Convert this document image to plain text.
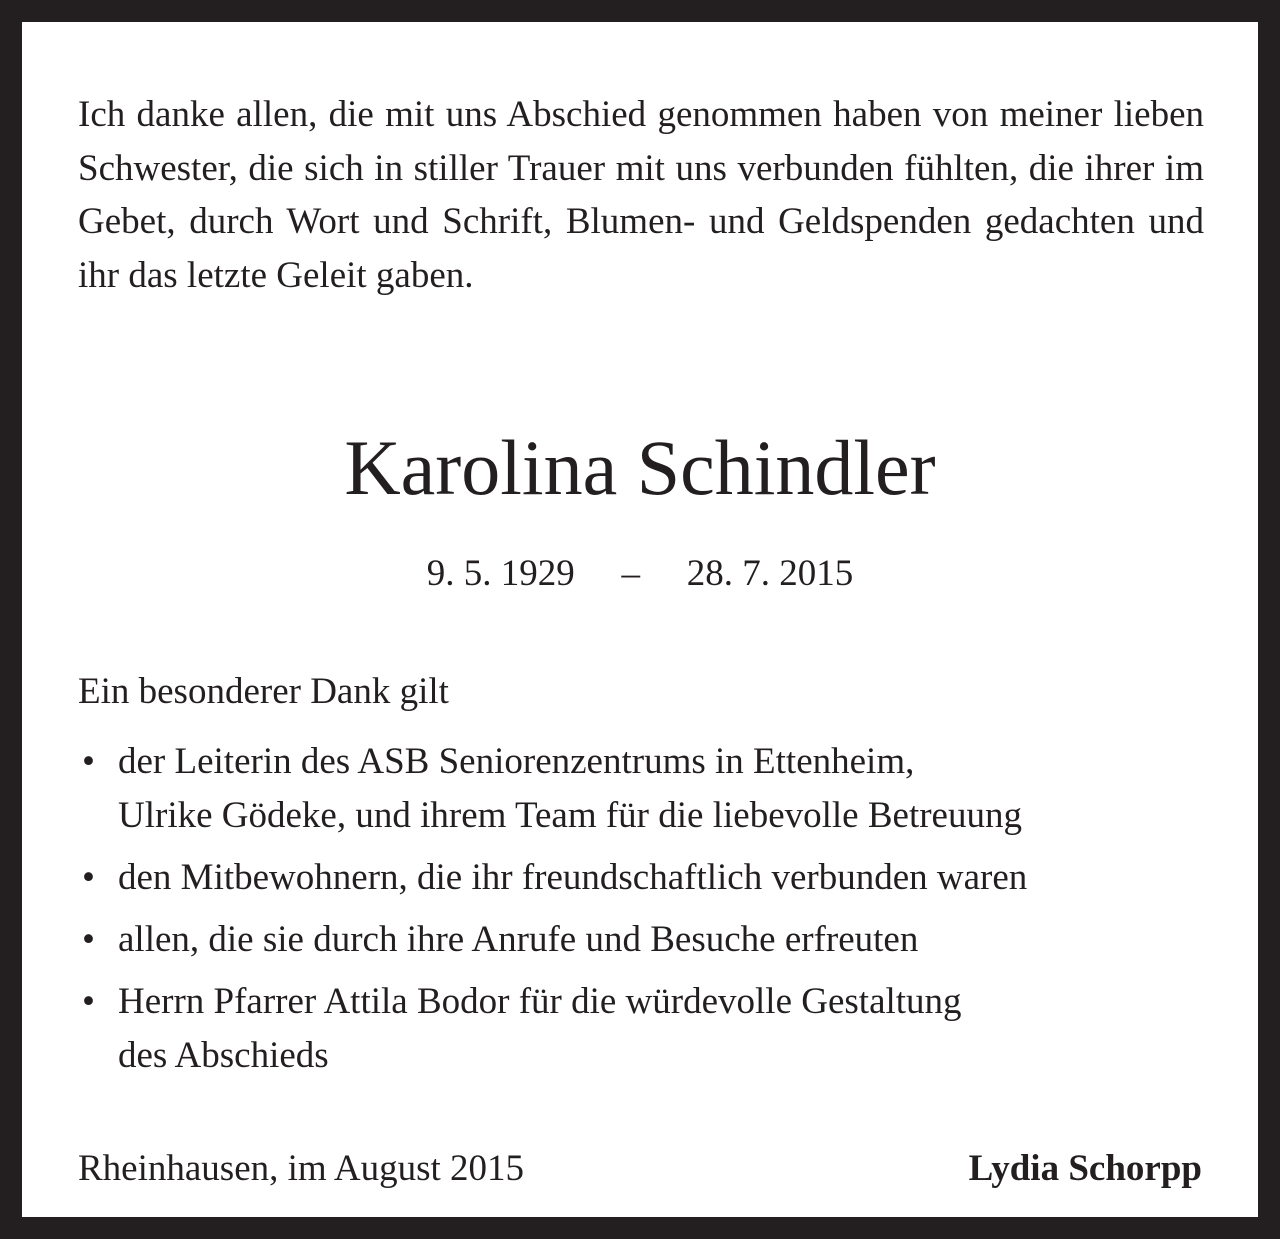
Ich danke allen, die mit uns Abschied genommen haben von meiner lieben Schwester, die sich in stiller Trauer mit uns verbunden fühlten, die ihrer im Gebet, durch Wort und Schrift, Blumen- und Geldspenden gedachten und ihr das letzte Geleit gaben.

Karolina Schindler
9. 5. 1929 – 28. 7. 2015
Ein besonderer Dank gilt
• der Leiterin des ASB Seniorenzentrums in Ettenheim,
Ulrike Gödeke, und ihrem Team für die liebevolle Betreuung
• den Mitbewohnern, die ihr freundschaftlich verbunden waren
• allen, die sie durch ihre Anrufe und Besuche erfreuten
• Herrn Pfarrer Attila Bodor für die würdevolle Gestaltung
des Abschieds
Rheinhausen, im August 2015	Lydia Schorpp
